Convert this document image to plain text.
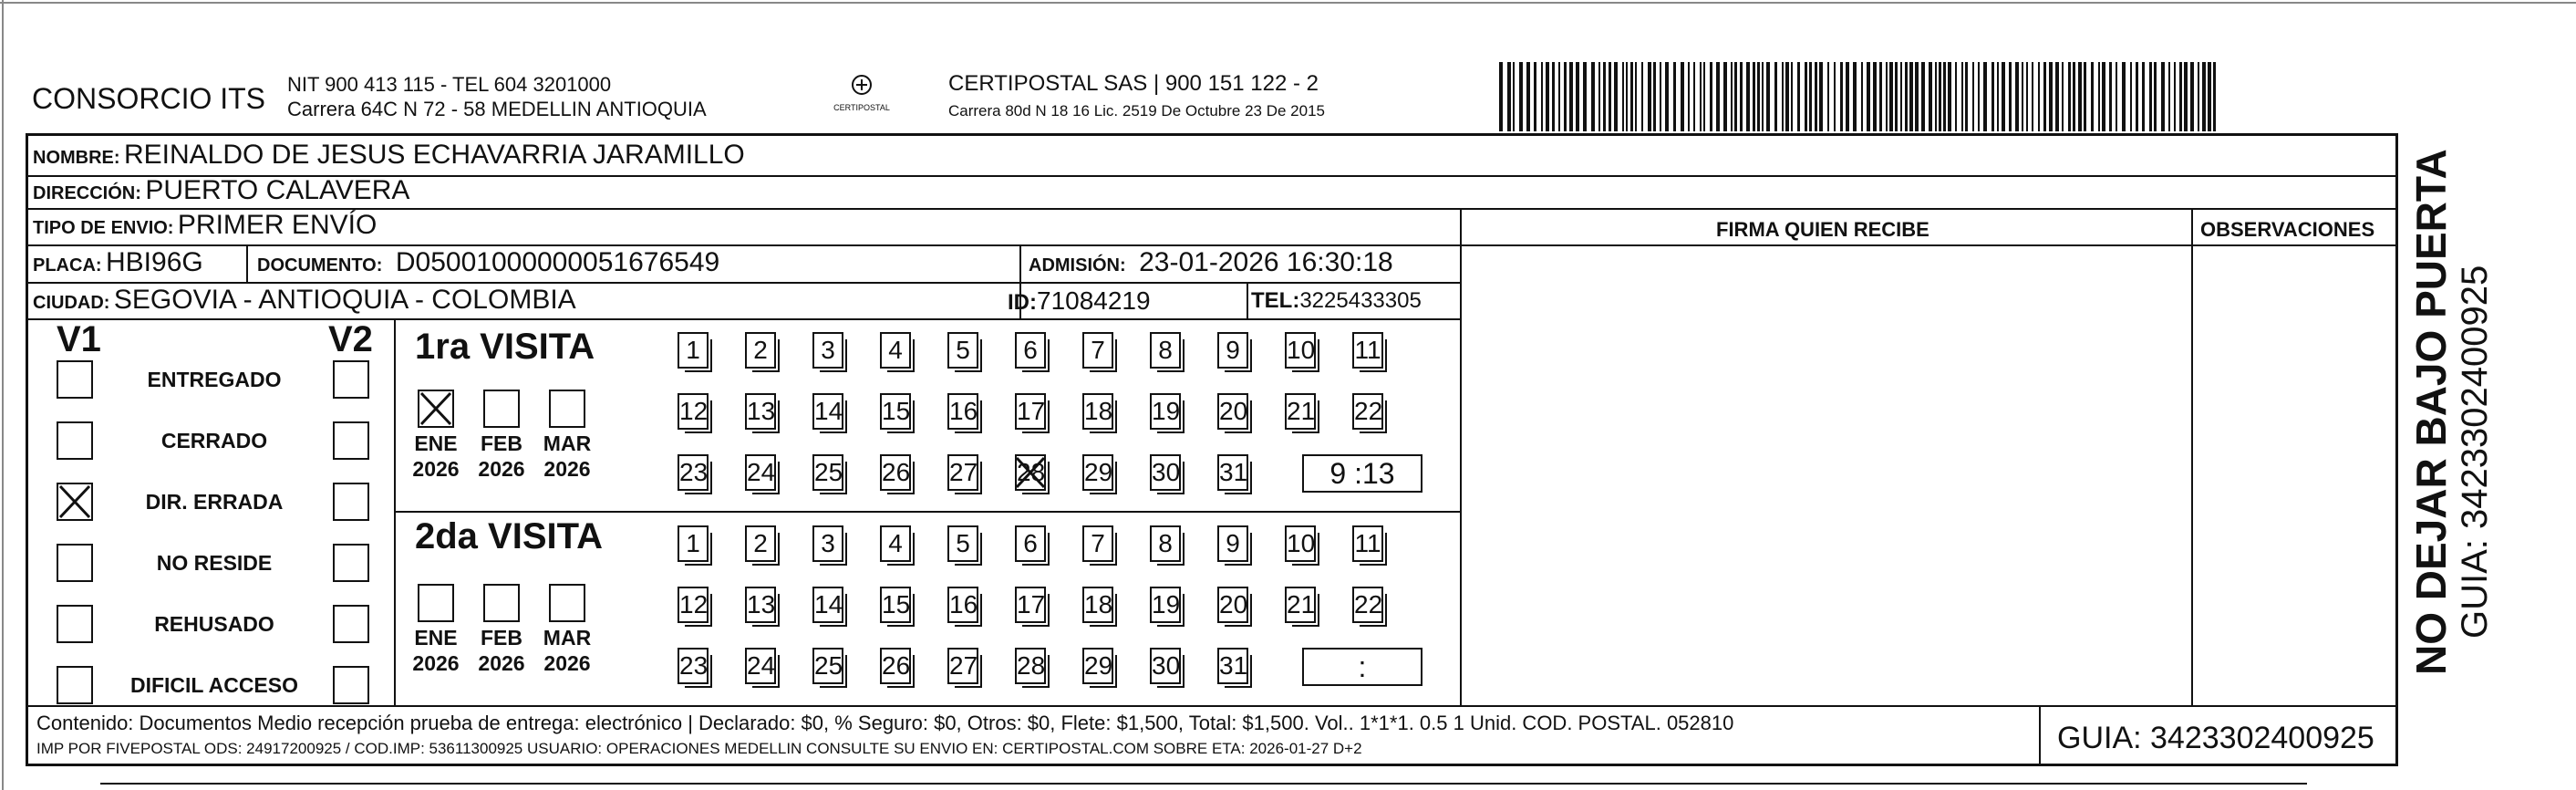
CONSORCIO ITS NIT 900 413 115 - TEL 604 3201000
Carrera 64C N 72 - 58 MEDELLIN ANTIOQUIA	CERTIPOSTAL
CERTIPOSTAL SAS | 900 151 122 - 2
Carrera 80d N 18 16 Lic. 2519 De Octubre 23 De 2015
NOMBRE: REINALDO DE JESUS ECHAVARRIA JARAMILLO
DIRECCIÓN: PUERTO CALAVERA
TIPO DE ENVIO: PRIMER ENVÍO	FIRMA QUIEN RECIBE	OBSERVACIONES
PLACA: HBI96G	DOCUMENTO: D05001000000051676549	ADMISIÓN: 23-01-2026 16:30:18
CIUDAD: SEGOVIA - ANTIOQUIA - COLOMBIA	ID:71084219	TEL:3225433305
V1	V2 1ra VISITA
2da VISITA
Contenido: Documentos Medio recepción prueba de entrega: electrónico | Declarado: $0, % Seguro: $0, Otros: $0, Flete: $1,500, Total: $1,500. Vol.. 1*1*1. 0.5 1 Unid. COD. POSTAL. 052810
IMP POR FIVEPOSTAL ODS: 24917200925 / COD.IMP: 53611300925 USUARIO: OPERACIONES MEDELLIN CONSULTE SU ENVIO EN: CERTIPOSTAL.COM SOBRE ETA: 2026-01-27 D+2	GUIA: 3423302400925
NO DEJAR BAJO PUERTA GUIA: 3423302400925
ENTREGADO
CERRADO
DIR. ERRADA
NO RESIDE
REHUSADO
DIFICIL ACCESO
ENE
2026
FEB
2026
MAR
2026
ENE
2026
FEB
2026
MAR
2026
1	2	3	4	5	6	7	8	9	10 11
12 13 14 15 16 17 18 19 20 21 22
23 24 25 26 27 28 29 30 31	9 :13
1	2	3	4	5	6	7	8	9	10 11
12 13 14 15 16 17 18 19 20 21 22
23 24 25 26 27 28 29 30 31	:
